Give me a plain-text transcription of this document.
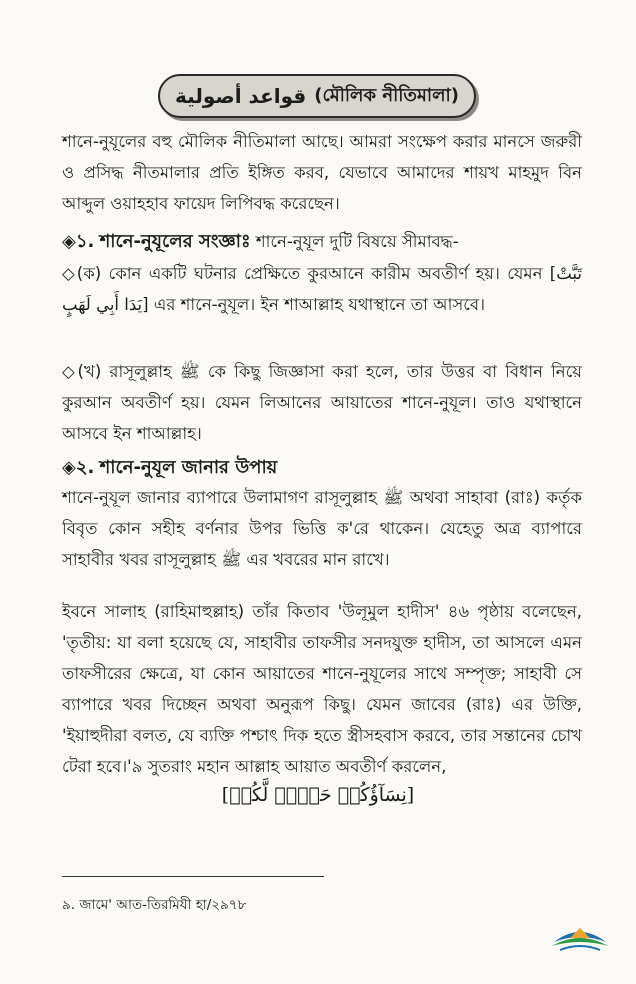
قواعد أصولية (মৌলিক নীতিমালা)

শানে-নুযূলের বহু মৌলিক নীতিমালা আছে। আমরা সংক্ষেপ করার মানসে জরুরী ও প্রসিদ্ধ নীতমালার প্রতি ইঙ্গিত করব, যেভাবে আমাদের শায়খ মাহমুদ বিন আব্দুল ওয়াহহাব ফায়েদ লিপিবদ্ধ করেছেন।

◈১. শানে-নুযূলের সংজ্ঞাঃ শানে-নুযূল দুটি বিষয়ে সীমাবদ্ধ-

◇(ক) কোন একটি ঘটনার প্রেক্ষিতে কুরআনে কারীম অবতীর্ণ হয়। যেমন [تَبَّتْ يَدَا أَبِي لَهَبٍ] এর শানে-নুযূল। ইন শাআল্লাহ যথাস্থানে তা আসবে।

◇(খ) রাসূলুল্লাহ ﷺ কে কিছু জিজ্ঞাসা করা হলে, তার উত্তর বা বিধান নিয়ে কুরআন অবতীর্ণ হয়। যেমন লিআনের আয়াতের শানে-নুযূল। তাও যথাস্থানে আসবে ইন শাআল্লাহ।

◈২. শানে-নুযূল জানার উপায়

শানে-নুযূল জানার ব্যাপারে উলামাগণ রাসূলুল্লাহ ﷺ অথবা সাহাবা (রাঃ) কর্তৃক বিবৃত কোন সহীহ বর্ণনার উপর ভিত্তি ক'রে থাকেন। যেহেতু অত্র ব্যাপারে সাহাবীর খবর রাসূলুল্লাহ ﷺ এর খবরের মান রাখে।

ইবনে সালাহ (রাহিমাহুল্লাহ) তাঁর কিতাব 'উলূমুল হাদীস' ৪৬ পৃষ্ঠায় বলেছেন, 'তৃতীয়: যা বলা হয়েছে যে, সাহাবীর তাফসীর সনদযুক্ত হাদীস, তা আসলে এমন তাফসীরের ক্ষেত্রে, যা কোন আয়াতের শানে-নুযূলের সাথে সম্পৃক্ত; সাহাবী সে ব্যাপারে খবর দিচ্ছেন অথবা অনুরূপ কিছু। যেমন জাবের (রাঃ) এর উক্তি, 'ইয়াহুদীরা বলত, যে ব্যক্তি পশ্চাৎ দিক হতে স্ত্রীসহবাস করবে, তার সন্তানের চোখ টেরা হবে।'৯ সুতরাং মহান আল্লাহ আয়াত অবতীর্ণ করলেন,

[نِسَآؤُكُمۡ حَرۡثٞ لَّكُمۡ]
৯. জামে' আত-তিরমিযী হা/২৯৭৮
